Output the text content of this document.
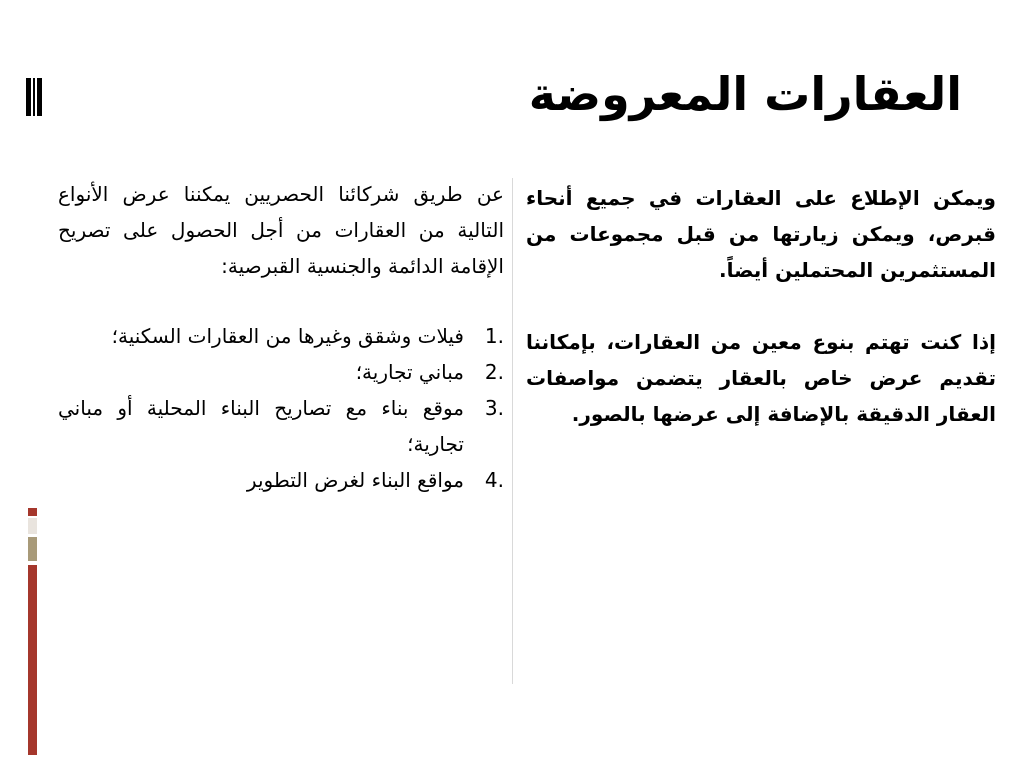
العقارات المعروضة

ويمكن الإطلاع على العقارات في جميع أنحاء قبرص، ويمكن زيارتها من قبل مجموعات من المستثمرين المحتملين أيضاً.

إذا كنت تهتم بنوع معين من العقارات، بإمكاننا تقديم عرض خاص بالعقار يتضمن مواصفات العقار الدقيقة بالإضافة إلى عرضها بالصور.

عن طريق شركائنا الحصريين يمكننا عرض الأنواع التالية من العقارات من أجل الحصول على تصريح الإقامة الدائمة والجنسية القبرصية:

1.
فيلات وشقق وغيرها من العقارات السكنية؛
2.
مباني تجارية؛
3.
موقع بناء مع تصاريح البناء المحلية أو مباني تجارية؛
4.
مواقع البناء لغرض التطوير
